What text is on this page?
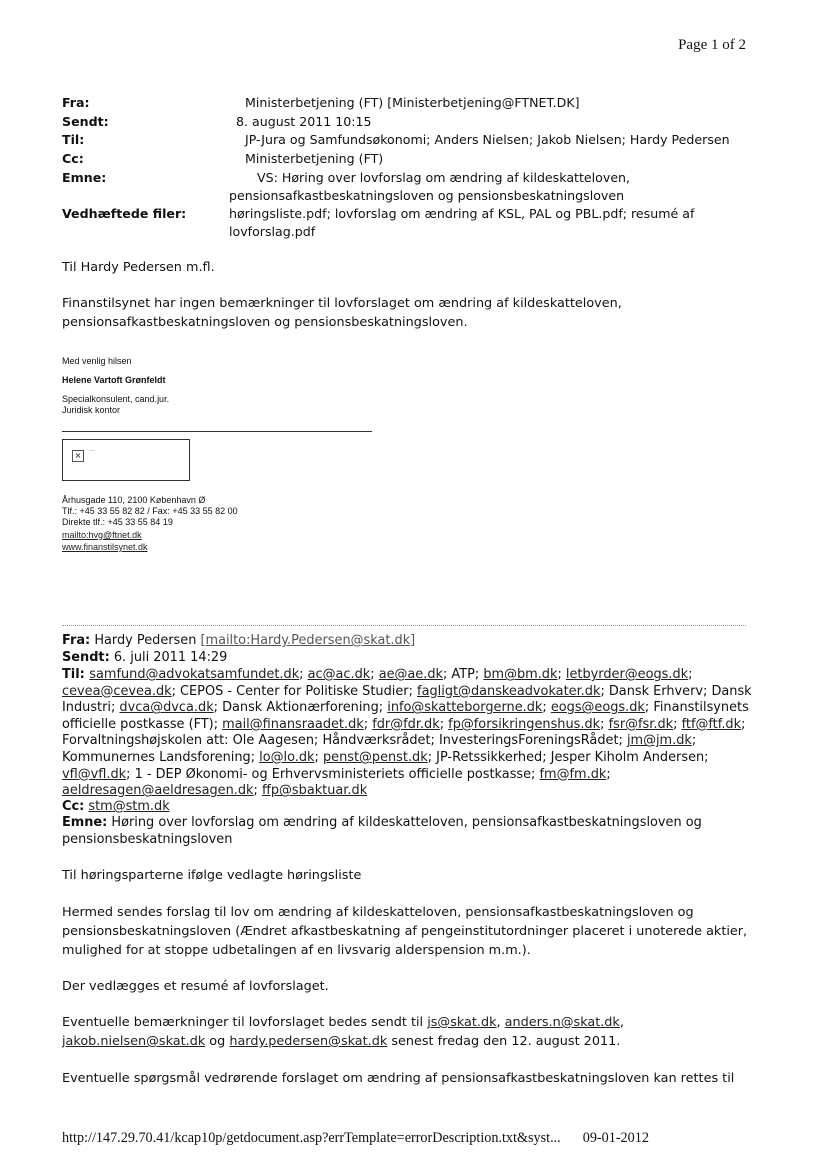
Page 1 of 2
Fra:	Ministerbetjening (FT) [Ministerbetjening@FTNET.DK]
Sendt:	8. august 2011 10:15
Til:	JP-Jura og Samfundsøkonomi; Anders Nielsen; Jakob Nielsen; Hardy Pedersen
Cc:	Ministerbetjening (FT)
Emne:	VS: Høring over lovforslag om ændring af kildeskatteloven,
pensionsafkastbeskatningsloven og pensionsbeskatningsloven
Vedhæftede filer:	høringsliste.pdf; lovforslag om ændring af KSL, PAL og PBL.pdf; resumé af
lovforslag.pdf
Til Hardy Pedersen m.fl.
Finanstilsynet har ingen bemærkninger til lovforslaget om ændring af kildeskatteloven,
pensionsafkastbeskatningsloven og pensionsbeskatningsloven.
Med venlig hilsen
Helene Vartoft Grønfeldt
Specialkonsulent, cand.jur.
Juridisk kontor
×
...
Århusgade 110, 2100 København Ø
Tlf.: +45 33 55 82 82 / Fax: +45 33 55 82 00
Direkte tlf.: +45 33 55 84 19
mailto:hvg@ftnet.dk
www.finanstilsynet.dk
Fra: Hardy Pedersen [mailto:Hardy.Pedersen@skat.dk]
Sendt: 6. juli 2011 14:29
Til: samfund@advokatsamfundet.dk; ac@ac.dk; ae@ae.dk; ATP; bm@bm.dk; letbyrder@eogs.dk;
cevea@cevea.dk; CEPOS - Center for Politiske Studier; fagligt@danskeadvokater.dk; Dansk Erhverv; Dansk
Industri; dvca@dvca.dk; Dansk Aktionærforening; info@skatteborgerne.dk; eogs@eogs.dk; Finanstilsynets
officielle postkasse (FT); mail@finansraadet.dk; fdr@fdr.dk; fp@forsikringenshus.dk; fsr@fsr.dk; ftf@ftf.dk;
Forvaltningshøjskolen att: Ole Aagesen; Håndværksrådet; InvesteringsForeningsRådet; jm@jm.dk;
Kommunernes Landsforening; lo@lo.dk; penst@penst.dk; JP-Retssikkerhed; Jesper Kiholm Andersen;
vfl@vfl.dk; 1 - DEP Økonomi- og Erhvervsministeriets officielle postkasse; fm@fm.dk;
aeldresagen@aeldresagen.dk; ffp@sbaktuar.dk
Cc: stm@stm.dk
Emne: Høring over lovforslag om ændring af kildeskatteloven, pensionsafkastbeskatningsloven og
pensionsbeskatningsloven
Til høringsparterne ifølge vedlagte høringsliste
Hermed sendes forslag til lov om ændring af kildeskatteloven, pensionsafkastbeskatningsloven og
pensionsbeskatningsloven (Ændret afkastbeskatning af pengeinstitutordninger placeret i unoterede aktier,
mulighed for at stoppe udbetalingen af en livsvarig alderspension m.m.).
Der vedlægges et resumé af lovforslaget.
Eventuelle bemærkninger til lovforslaget bedes sendt til js@skat.dk, anders.n@skat.dk,
jakob.nielsen@skat.dk og hardy.pedersen@skat.dk senest fredag den 12. august 2011.
Eventuelle spørgsmål vedrørende forslaget om ændring af pensionsafkastbeskatningsloven kan rettes til
http://147.29.70.41/kcap10p/getdocument.asp?errTemplate=errorDescription.txt&syst... 09-01-2012
